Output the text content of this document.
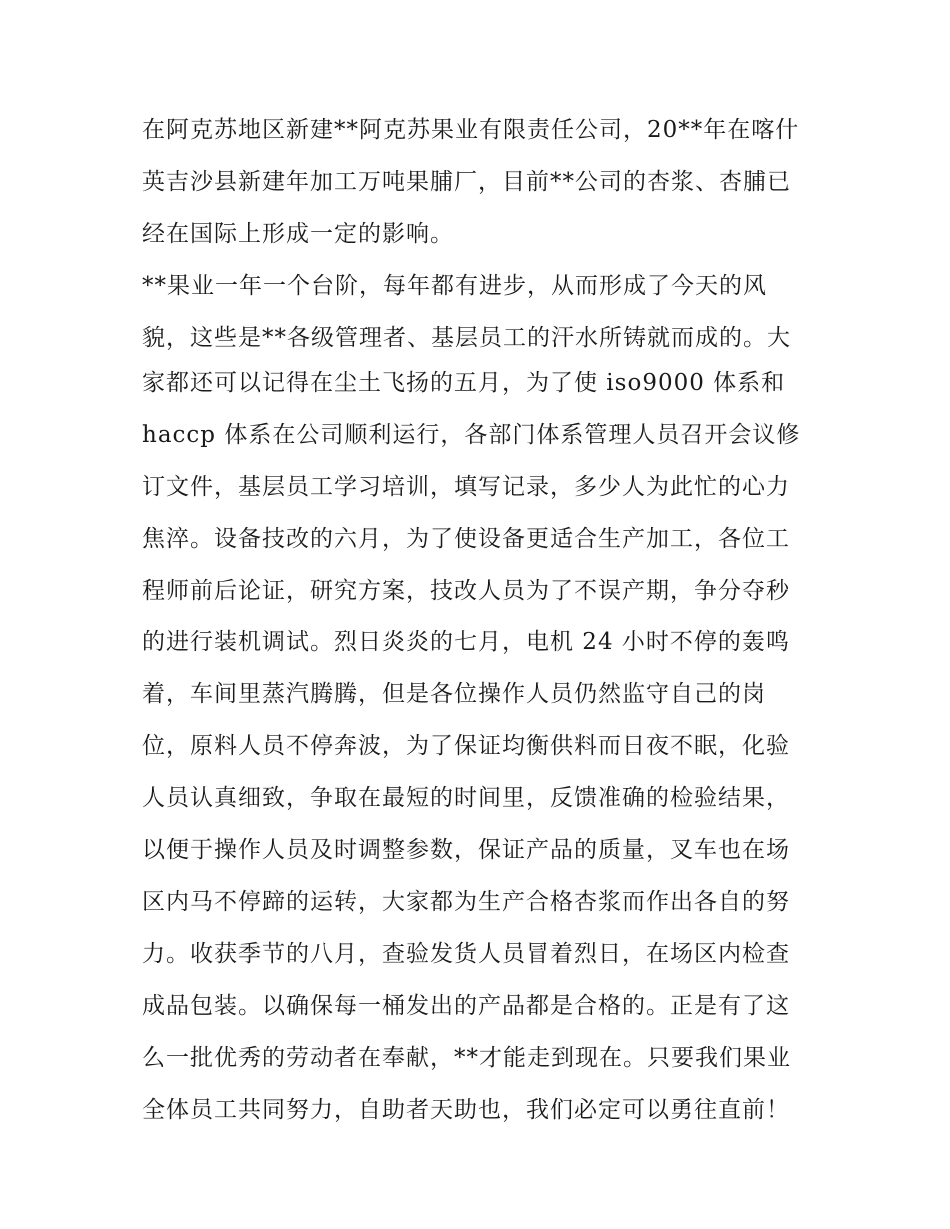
在阿克苏地区新建**阿克苏果业有限责任公司，20**年在喀什
英吉沙县新建年加工万吨果脯厂，目前**公司的杏浆、杏脯已
经在国际上形成一定的影响。
**果业一年一个台阶，每年都有进步，从而形成了今天的风
貌，这些是**各级管理者、基层员工的汗水所铸就而成的。大
家都还可以记得在尘土飞扬的五月，为了使 iso9000 体系和
haccp 体系在公司顺利运行，各部门体系管理人员召开会议修
订文件，基层员工学习培训，填写记录，多少人为此忙的心力
焦淬。设备技改的六月，为了使设备更适合生产加工，各位工
程师前后论证，研究方案，技改人员为了不误产期，争分夺秒
的进行装机调试。烈日炎炎的七月，电机 24 小时不停的轰鸣
着，车间里蒸汽腾腾，但是各位操作人员仍然监守自己的岗
位，原料人员不停奔波，为了保证均衡供料而日夜不眠，化验
人员认真细致，争取在最短的时间里，反馈准确的检验结果，
以便于操作人员及时调整参数，保证产品的质量，叉车也在场
区内马不停蹄的运转，大家都为生产合格杏浆而作出各自的努
力。收获季节的八月，查验发货人员冒着烈日，在场区内检查
成品包装。以确保每一桶发出的产品都是合格的。正是有了这
么一批优秀的劳动者在奉献，**才能走到现在。只要我们果业
全体员工共同努力，自助者天助也，我们必定可以勇往直前！
